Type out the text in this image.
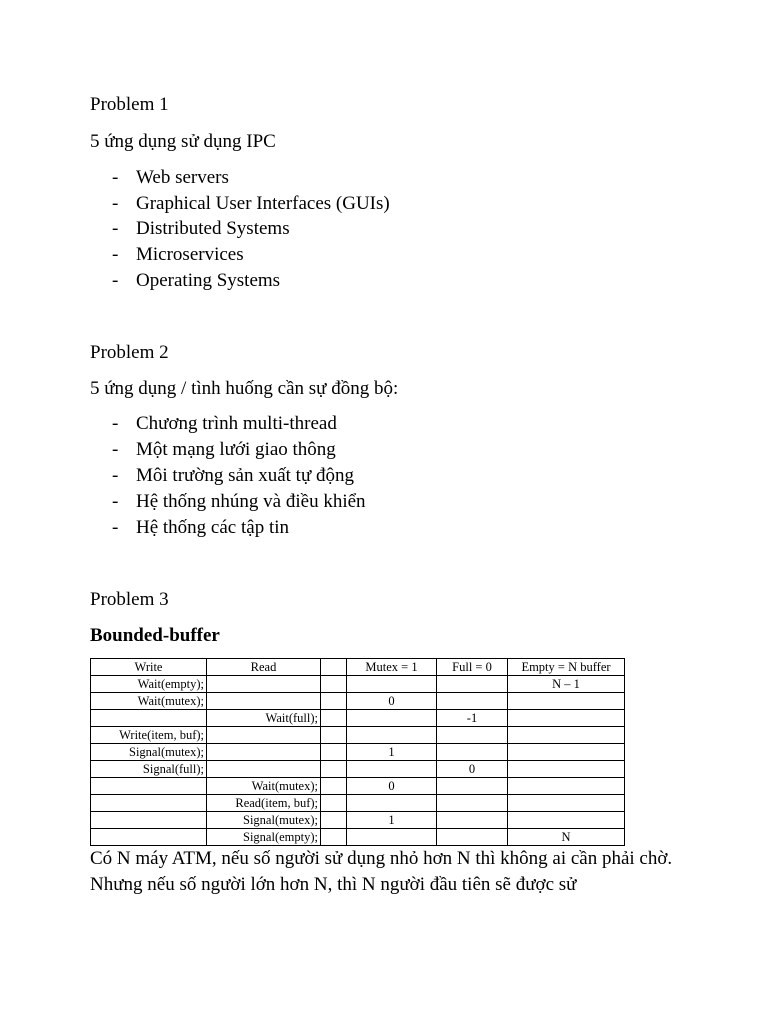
Problem 1
5 ứng dụng sử dụng IPC
- Web servers
- Graphical User Interfaces (GUIs)
- Distributed Systems
- Microservices
- Operating Systems
Problem 2
5 ứng dụng / tình huống cần sự đồng bộ:
- Chương trình multi-thread
- Một mạng lưới giao thông
- Môi trường sản xuất tự động
- Hệ thống nhúng và điều khiển
- Hệ thống các tập tin
Problem 3
Bounded-buffer
Write	Read		Mutex = 1	Full = 0	Empty = N buffer
Wait(empty);					N – 1
Wait(mutex);			0		
	Wait(full);			-1	
Write(item, buf);					
Signal(mutex);			1		
Signal(full);				0	
	Wait(mutex);		0		
	Read(item, buf);				
	Signal(mutex);		1		
	Signal(empty);				N
Có N máy ATM, nếu số người sử dụng nhỏ hơn N thì không ai cần phải chờ. Nhưng nếu số người lớn hơn N, thì N người đầu tiên sẽ được sử
